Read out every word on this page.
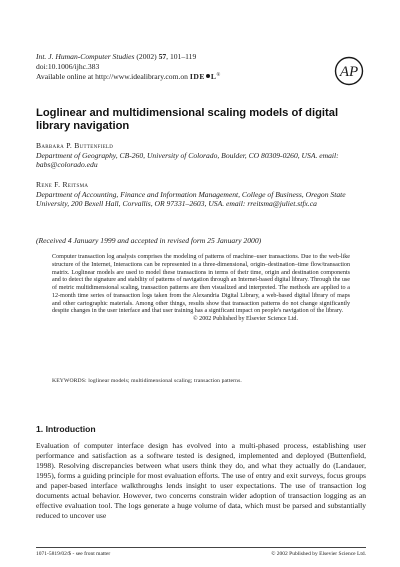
Int. J. Human-Computer Studies (2002) 57, 101–119
doi:10.1006/ijhc.383
Available online at http://www.idealibrary.com.on IDE L®	AP
Loglinear and multidimensional scaling models of digital library navigation
Barbara P. Buttenfield
Department of Geography, CB-260, University of Colorado, Boulder, CO 80309-0260, USA. email: babs@colorado.edu
Rene F. Reitsma
Department of Accounting, Finance and Information Management, College of Business, Oregon State University, 200 Bexell Hall, Corvallis, OR 97331–2603, USA. email: rreitsma@juliet.stfx.ca
(Received 4 January 1999 and accepted in revised form 25 January 2000)
Computer transaction log analysis comprises the modeling of patterns of machine–user transactions. Due to the web-like structure of the Internet, Interactions can be represented in a three-dimensional, origin–destination–time flow/transaction matrix. Loglinear models are used to model these transactions in terms of their time, origin and destination components and to detect the signature and stability of patterns of navigation through an Internet-based digital library. Through the use of metric multidimensional scaling, transaction patterns are then visualized and interpreted. The methods are applied to a 12-month time series of transaction logs taken from the Alexandria Digital Library, a web-based digital library of maps and other cartographic materials. Among other things, results show that transaction patterns do not change significantly despite changes in the user interface and that user training has a significant impact on people's navigation of the library.
© 2002 Published by Elsevier Science Ltd.
KEYWORDS: loglinear models; multidimensional scaling; transaction patterns.
1. Introduction
Evaluation of computer interface design has evolved into a multi-phased process, establishing user performance and satisfaction as a software tested is designed, implemented and deployed (Buttenfield, 1998). Resolving discrepancies between what users think they do, and what they actually do (Landauer, 1995), forms a guiding principle for most evaluation efforts. The use of entry and exit surveys, focus groups and paper-based interface walkthroughs lends insight to user expectations. The use of transaction log documents actual behavior. However, two concerns constrain wider adoption of transaction logging as an effective evaluation tool. The logs generate a huge volume of data, which must be parsed and substantially reduced to uncover use
1071-5819/02/$ - see front matter	© 2002 Published by Elsevier Science Ltd.
